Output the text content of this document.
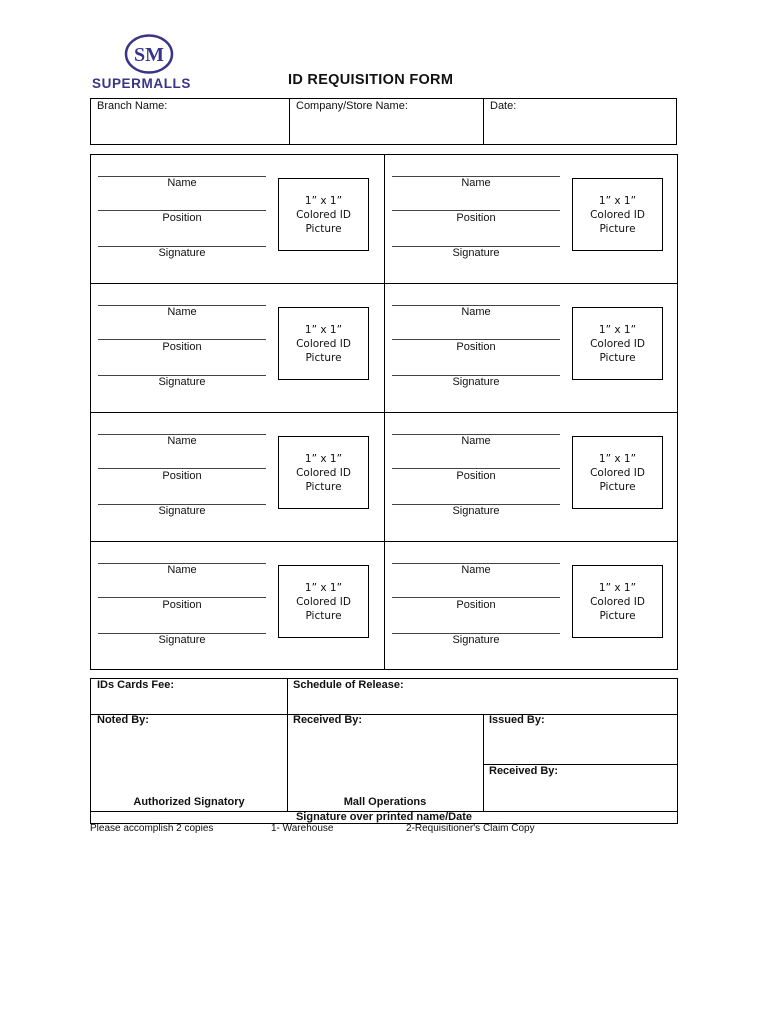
SM
SUPERMALLS	ID REQUISITION FORM
Branch Name:	Company/Store Name:	Date:
Name
Position
Signature
1” x 1”
Colored ID
Picture
Name
Position
Signature
1” x 1”
Colored ID
Picture
Name
Position
Signature
1” x 1”
Colored ID
Picture
Name
Position
Signature
1” x 1”
Colored ID
Picture
Name
Position
Signature
1” x 1”
Colored ID
Picture
Name
Position
Signature
1” x 1”
Colored ID
Picture
Name
Position
Signature
1” x 1”
Colored ID
Picture
Name
Position
Signature
1” x 1”
Colored ID
Picture
IDs Cards Fee:	Schedule of Release:
Noted By:	Received By:	Issued By:
Received By:
Authorized Signatory	Mall Operations
Signature over printed name/Date
Please accomplish 2 copies	1- Warehouse	2-Requisitioner's Claim Copy
